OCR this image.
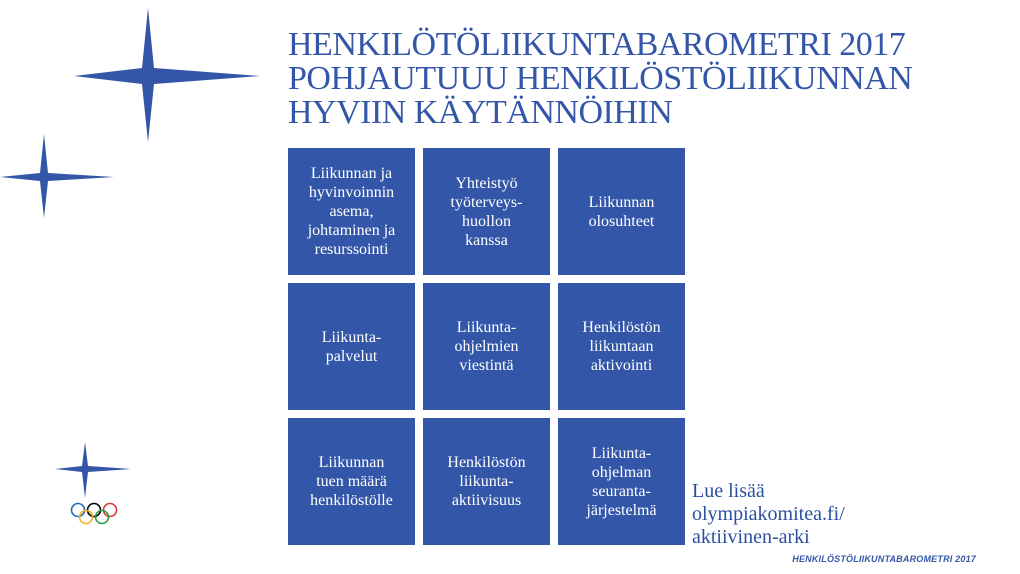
HENKILÖTÖLIIKUNTABAROMETRI 2017
POHJAUTUUU HENKILÖSTÖLIIKUNNAN
HYVIIN KÄYTÄNNÖIHIN
Liikunnan ja
hyvinvoinnin
asema,
johtaminen ja
resurssointi
Yhteistyö
työterveys-
huollon
kanssa
Liikunnan
olosuhteet
Liikunta-
palvelut
Liikunta-
ohjelmien
viestintä
Henkilöstön
liikuntaan
aktivointi
Liikunnan
tuen määrä
henkilöstölle
Henkilöstön
liikunta-
aktiivisuus
Liikunta-
ohjelman
seuranta-
järjestelmä
Lue lisää
olympiakomitea.fi/
aktiivinen-arki
HENKILÖSTÖLIIKUNTABAROMETRI 2017
